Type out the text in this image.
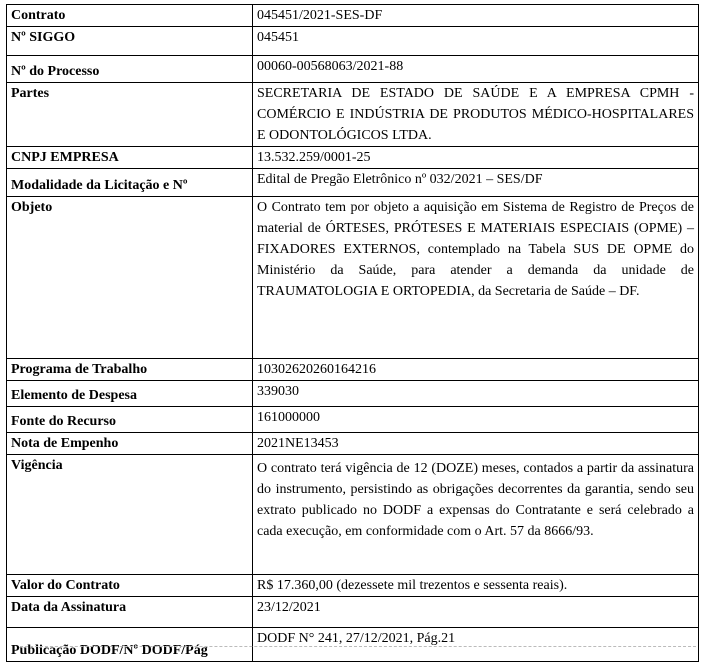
Contrato	045451/2021-SES-DF
Nº SIGGO	045451
Nº do Processo	00060-00568063/2021-88
Partes	SECRETARIA DE ESTADO DE SAÚDE E A EMPRESA CPMH - COMÉRCIO E INDÚSTRIA DE PRODUTOS MÉDICO-HOSPITALARES E ODONTOLÓGICOS LTDA.
CNPJ EMPRESA	13.532.259/0001-25
Modalidade da Licitação e Nº	Edital de Pregão Eletrônico nº 032/2021 – SES/DF
Objeto	O Contrato tem por objeto a aquisição em Sistema de Registro de Preços de material de ÓRTESES, PRÓTESES E MATERIAIS ESPECIAIS (OPME) – FIXADORES EXTERNOS, contemplado na Tabela SUS DE OPME do Ministério da Saúde, para atender a demanda da unidade de TRAUMATOLOGIA E ORTOPEDIA, da Secretaria de Saúde – DF.
Programa de Trabalho	10302620260164216
Elemento de Despesa	339030
Fonte do Recurso	161000000
Nota de Empenho	2021NE13453
Vigência	O contrato terá vigência de 12 (DOZE) meses, contados a partir da assinatura do instrumento, persistindo as obrigações decorrentes da garantia, sendo seu extrato publicado no DODF a expensas do Contratante e será celebrado a cada execução, em conformidade com o Art. 57 da 8666/93.
Valor do Contrato	R$ 17.360,00 (dezessete mil trezentos e sessenta reais).
Data da Assinatura	23/12/2021
Publicação DODF/Nº DODF/Pág	DODF N° 241, 27/12/2021, Pág.21
